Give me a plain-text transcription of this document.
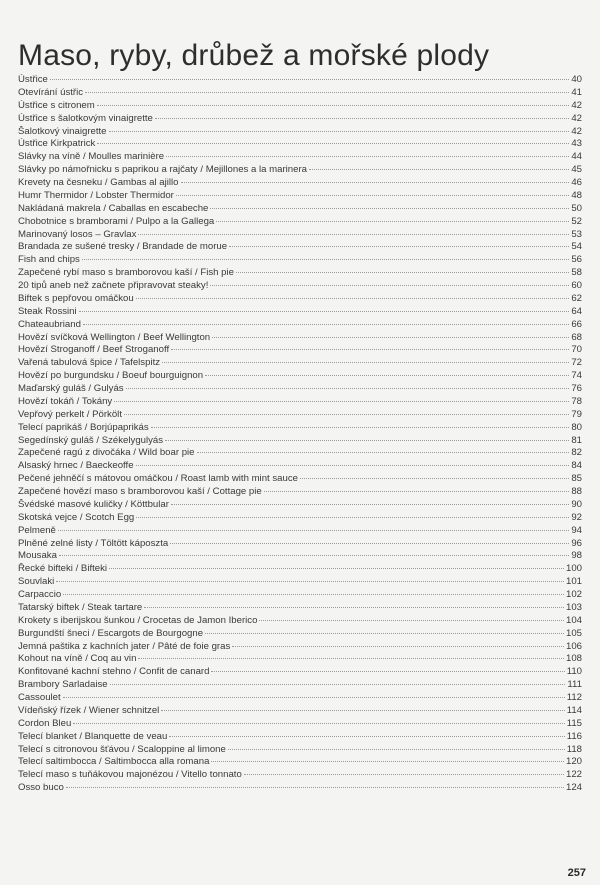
Maso, ryby, drůbež a mořské plody
Ústřice	40
Otevírání ústřic	41
Ústřice s citronem	42
Ústřice s šalotkovým vinaigrette	42
Šalotkový vinaigrette	42
Ústřice Kirkpatrick	43
Slávky na víně / Moulles marinière	44
Slávky po námořnicku s paprikou a rajčaty / Mejillones a la marinera	45
Krevety na česneku / Gambas al ajillo	46
Humr Thermidor / Lobster Thermidor	48
Nakládaná makrela / Caballas en escabeche	50
Chobotnice s bramborami / Pulpo a la Gallega	52
Marinovaný losos – Gravlax	53
Brandada ze sušené tresky / Brandade de morue	54
Fish and chips	56
Zapečené rybí maso s bramborovou kaší / Fish pie	58
20 tipů aneb než začnete připravovat steaky!	60
Biftek s pepřovou omáčkou	62
Steak Rossini	64
Chateaubriand	66
Hovězí svíčková Wellington / Beef Wellington	68
Hovězí Stroganoff / Beef Stroganoff	70
Vařená tabulová špice / Tafelspitz	72
Hovězí po burgundsku / Boeuf bourguignon	74
Maďarský guláš / Gulyás	76
Hovězí tokáň / Tokány	78
Vepřový perkelt / Pörkölt	79
Telecí paprikáš / Borjúpaprikás	80
Segedínský guláš / Székelygulyás	81
Zapečené ragú z divočáka / Wild boar pie	82
Alsaský hrnec / Baeckeoffe	84
Pečené jehněčí s mátovou omáčkou / Roast lamb with mint sauce	85
Zapečené hovězí maso s bramborovou kaší / Cottage pie	88
Švédské masové kuličky / Köttbular	90
Skotská vejce / Scotch Egg	92
Pelmeně	94
Plněné zelné listy / Töltött káposzta	96
Mousaka	98
Řecké bifteki / Bifteki	100
Souvlaki	101
Carpaccio	102
Tatarský biftek / Steak tartare	103
Krokety s iberijskou šunkou / Crocetas de Jamon Iberico	104
Burgundští šneci / Escargots de Bourgogne	105
Jemná paštika z kachních jater / Pâté de foie gras	106
Kohout na víně / Coq au vin	108
Konfitované kachní stehno / Confit de canard	110
Brambory Sarladaise	111
Cassoulet	112
Vídeňský řízek / Wiener schnitzel	114
Cordon Bleu	115
Telecí blanket / Blanquette de veau	116
Telecí s citronovou šťávou / Scaloppine al limone	118
Telecí saltimbocca / Saltimbocca alla romana	120
Telecí maso s tuňákovou majonézou / Vitello tonnato	122
Osso buco	124
257
